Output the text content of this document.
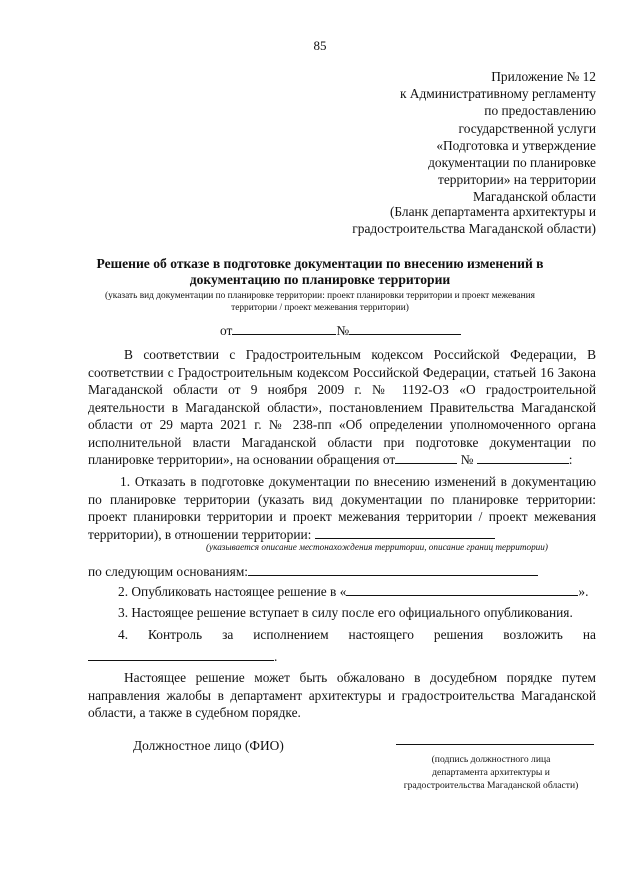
85
Приложение № 12
к Административному регламенту
по предоставлению
государственной услуги
«Подготовка и утверждение
документации по планировке
территории» на территории
Магаданской области
(Бланк департамента архитектуры и
градостроительства Магаданской области)
Решение об отказе в подготовке документации по внесению изменений в
документацию по планировке территории
(указать вид документации по планировке территории: проект планировки территории и проект межевания территории / проект межевания территории)
от	№
В соответствии с Градостроительным кодексом Российской Федерации, В соответствии с Градостроительным кодексом Российской Федерации, статьей 16 Закона Магаданской области от 9 ноября 2009 г. № 1192-ОЗ «О градостроительной деятельности в Магаданской области», постановлением Правительства Магаданской области от 29 марта 2021 г. № 238-пп «Об определении уполномоченного органа исполнительной власти Магаданской области при подготовке документации по планировке территории», на основании обращения от	№	:
1. Отказать в подготовке документации по внесению изменений в документацию по планировке территории (указать вид документации по планировке территории: проект планировки территории и проект межевания территории / проект межевания территории), в отношении территории:
(указывается описание местонахождения территории, описание границ территории)
по следующим основаниям:
2. Опубликовать настоящее решение в «	».
3. Настоящее решение вступает в силу после его официального опубликования.
4. Контроль за исполнением настоящего решения возложить на
.
Настоящее решение может быть обжаловано в досудебном порядке путем направления жалобы в департамент архитектуры и градостроительства Магаданской области, а также в судебном порядке.
Должностное лицо (ФИО)
(подпись должностного лица
департамента архитектуры и
градостроительства Магаданской области)
